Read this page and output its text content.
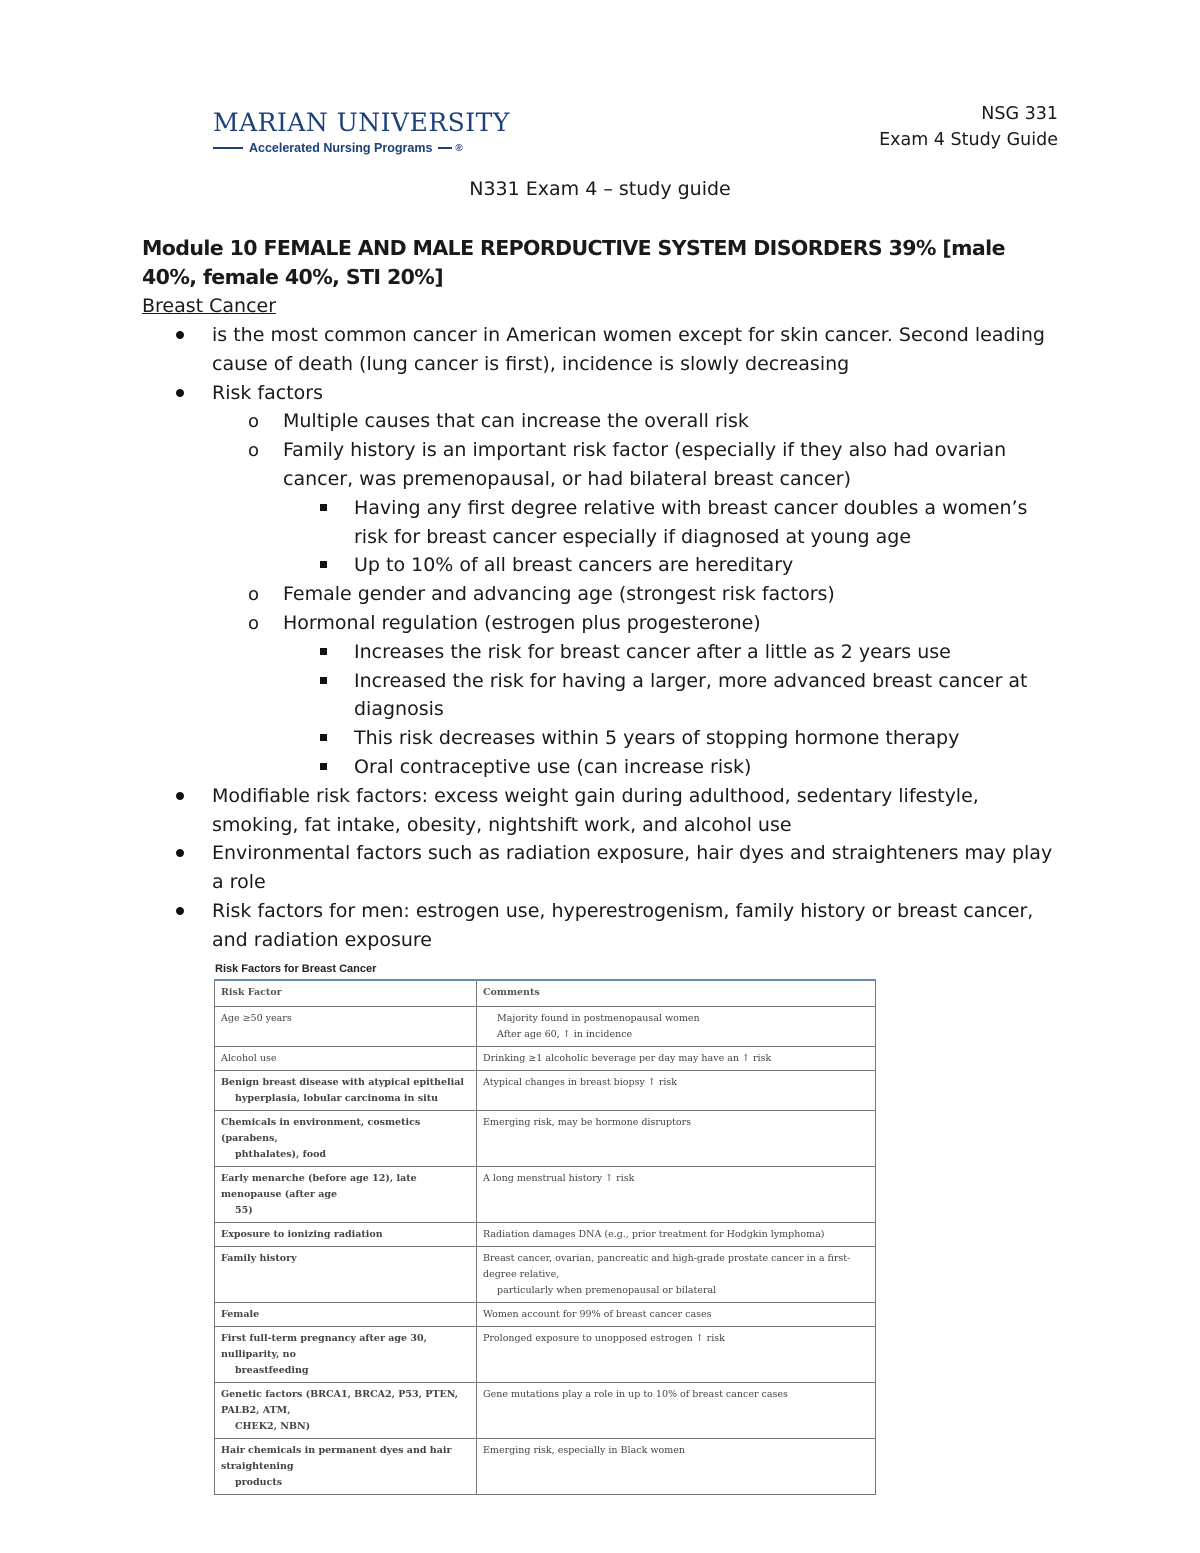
MARIAN UNIVERSITY
Accelerated Nursing Programs ®
NSG 331
Exam 4 Study Guide
N331 Exam 4 – study guide
Module 10 FEMALE AND MALE REPORDUCTIVE SYSTEM DISORDERS 39% [male 40%, female 40%, STI 20%]
Breast Cancer
is the most common cancer in American women except for skin cancer. Second leading cause of death (lung cancer is first), incidence is slowly decreasing
Risk factors
o Multiple causes that can increase the overall risk
o Family history is an important risk factor (especially if they also had ovarian cancer, was premenopausal, or had bilateral breast cancer)
Having any first degree relative with breast cancer doubles a women’s risk for breast cancer especially if diagnosed at young age
Up to 10% of all breast cancers are hereditary
o Female gender and advancing age (strongest risk factors)
o Hormonal regulation (estrogen plus progesterone)
Increases the risk for breast cancer after a little as 2 years use
Increased the risk for having a larger, more advanced breast cancer at diagnosis
This risk decreases within 5 years of stopping hormone therapy
Oral contraceptive use (can increase risk)
Modifiable risk factors: excess weight gain during adulthood, sedentary lifestyle, smoking, fat intake, obesity, nightshift work, and alcohol use
Environmental factors such as radiation exposure, hair dyes and straighteners may play a role
Risk factors for men: estrogen use, hyperestrogenism, family history or breast cancer, and radiation exposure
Risk Factors for Breast Cancer
Risk Factor	Comments
Age ≥50 years	Majority found in postmenopausal women
After age 60, ↑ in incidence

Alcohol use	Drinking ≥1 alcoholic beverage per day may have an ↑ risk
Benign breast disease with atypical epithelial
hyperplasia, lobular carcinoma in situ	Atypical changes in breast biopsy ↑ risk
Chemicals in environment, cosmetics (parabens,
phthalates), food	Emerging risk, may be hormone disruptors
Early menarche (before age 12), late menopause (after age
55)	A long menstrual history ↑ risk
Exposure to ionizing radiation	Radiation damages DNA (e.g., prior treatment for Hodgkin lymphoma)
Family history	Breast cancer, ovarian, pancreatic and high-grade prostate cancer in a first-degree relative,
particularly when premenopausal or bilateral

Female	Women account for 99% of breast cancer cases
First full-term pregnancy after age 30, nulliparity, no
breastfeeding	Prolonged exposure to unopposed estrogen ↑ risk
Genetic factors (BRCA1, BRCA2, P53, PTEN, PALB2, ATM,
CHEK2, NBN)	Gene mutations play a role in up to 10% of breast cancer cases
Hair chemicals in permanent dyes and hair straightening
products	Emerging risk, especially in Black women
